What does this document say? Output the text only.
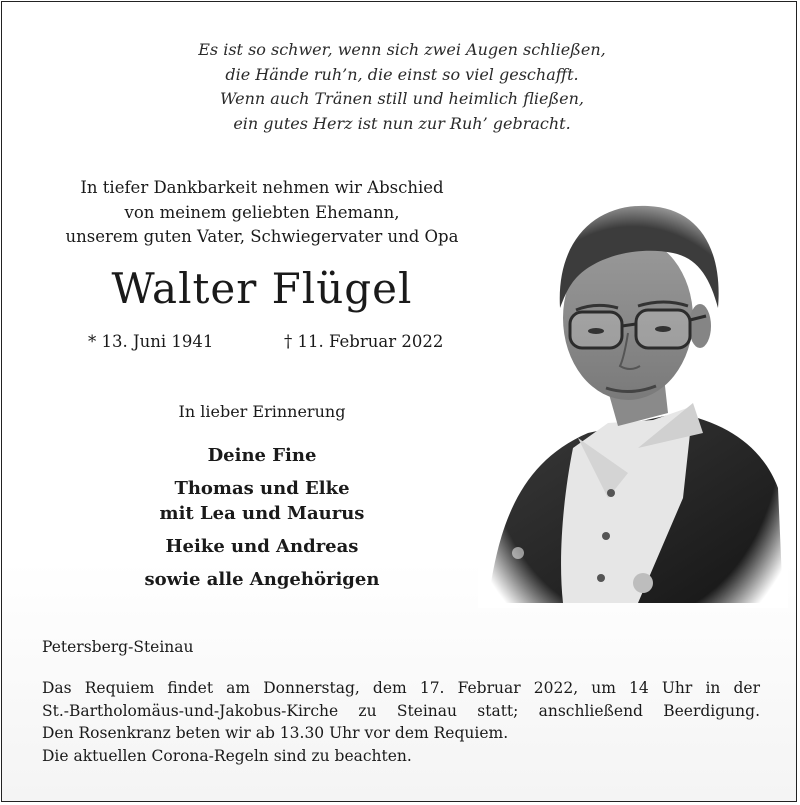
Es ist so schwer, wenn sich zwei Augen schließen,
die Hände ruh’n, die einst so viel geschafft.
Wenn auch Tränen still und heimlich fließen,
ein gutes Herz ist nun zur Ruh’ gebracht.
In tiefer Dankbarkeit nehmen wir Abschied
von meinem geliebten Ehemann,
unserem guten Vater, Schwiegervater und Opa
Walter Flügel
* 13. Juni 1941	† 11. Februar 2022
In lieber Erinnerung
Deine Fine
Thomas und Elke
mit Lea und Maurus
Heike und Andreas
sowie alle Angehörigen
Petersberg-Steinau
Das Requiem findet am Donnerstag, dem 17. Februar 2022, um 14 Uhr in der
St.-Bartholomäus-und-Jakobus-Kirche zu Steinau statt; anschließend Beerdigung.
Den Rosenkranz beten wir ab 13.30 Uhr vor dem Requiem.
Die aktuellen Corona-Regeln sind zu beachten.
